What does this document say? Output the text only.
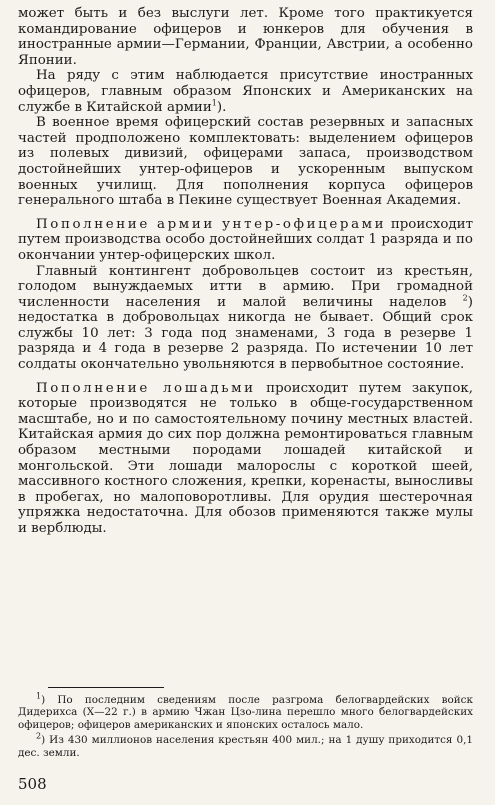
может быть и без выслуги лет. Кроме того практикуется командирование офицеров и юнкеров для обучения в иностранные армии—Германии, Франции, Австрии, а особенно Японии.

На ряду с этим наблюдается присутствие иностранных офицеров, главным образом Японских и Американских на службе в Китайской армии$^1$).

В военное время офицерский состав резервных и запасных частей продположено комплектовать: выделением офицеров из полевых дивизий, офицерами запаса, производством достойнейших унтер-офицеров и ускоренным выпуском военных училищ. Для пополнения корпуса офицеров генерального штаба в Пекине существует Военная Академия.

Пополнение армии унтер-офицерами происходит путем производства особо достойнейших солдат 1 разряда и по окончании унтер-офицерских школ.

Главный контингент добровольцев состоит из крестьян, голодом вынуждаемых итти в армию. При громадной численности населения и малой величины наделов $^2$) недостатка в добровольцах никогда не бывает. Общий срок службы 10 лет: 3 года под знаменами, 3 года в резерве 1 разряда и 4 года в резерве 2 разряда. По истечении 10 лет солдаты окончательно увольняются в первобытное состояние.

Пополнение лошадьми происходит путем закупок, которые производятся не только в обще-государственном масштабе, но и по самостоятельному почину местных властей. Китайская армия до сих пор должна ремонтироваться главным образом местными породами лошадей китайской и монгольской. Эти лошади малорослы с короткой шеей, массивного костного сложения, крепки, коренасты, выносливы в пробегах, но малоповоротливы. Для орудия шестерочная упряжка недостаточна. Для обозов применяются также мулы и верблюды.

$^1$) По последним сведениям после разгрома белогвардейских войск Дидерихса (Х—22 г.) в армию Чжан Цзо-лина перешло много белогвардейских офицеров; офицеров американских и японских осталось мало.

$^2$) Из 430 миллионов населения крестьян 400 мил.; на 1 душу приходится 0,1 дес. земли.

508
